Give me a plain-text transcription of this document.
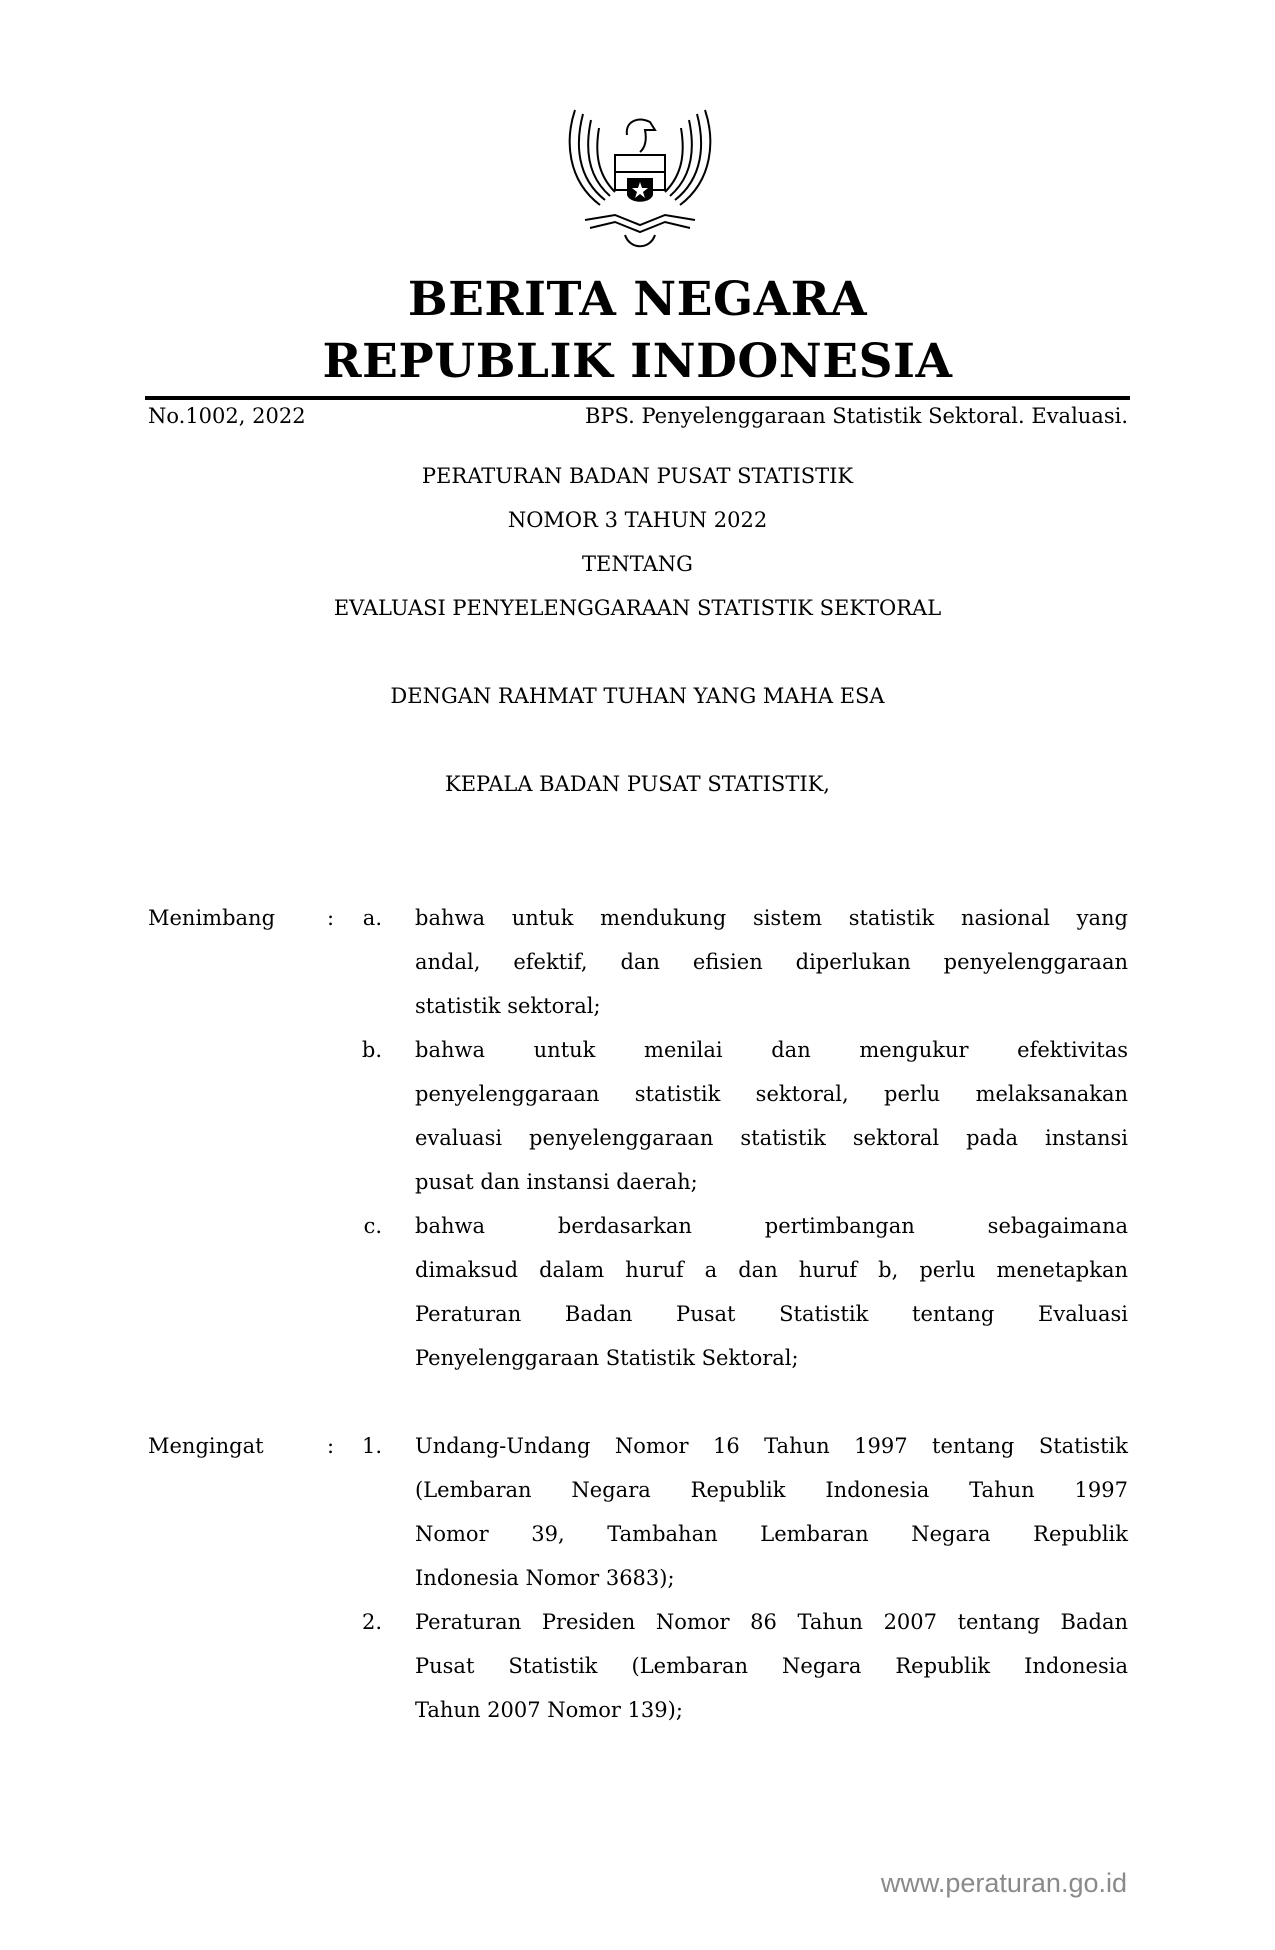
BERITA NEGARA
REPUBLIK INDONESIA
No.1002, 2022	BPS. Penyelenggaraan Statistik Sektoral. Evaluasi.
PERATURAN BADAN PUSAT STATISTIK
NOMOR 3 TAHUN 2022
TENTANG
EVALUASI PENYELENGGARAAN STATISTIK SEKTORAL
DENGAN RAHMAT TUHAN YANG MAHA ESA
KEPALA BADAN PUSAT STATISTIK,
Menimbang :	a. bahwa untuk mendukung sistem statistik nasional yang
andal, efektif, dan efisien diperlukan penyelenggaraan
statistik sektoral;
b. bahwa untuk menilai dan mengukur efektivitas
penyelenggaraan statistik sektoral, perlu melaksanakan
evaluasi penyelenggaraan statistik sektoral pada instansi
pusat dan instansi daerah;
c. bahwa berdasarkan pertimbangan sebagaimana
dimaksud dalam huruf a dan huruf b, perlu menetapkan
Peraturan Badan Pusat Statistik tentang Evaluasi
Penyelenggaraan Statistik Sektoral;
Mengingat	:	1. Undang-Undang Nomor 16 Tahun 1997 tentang Statistik
(Lembaran Negara Republik Indonesia Tahun 1997
Nomor 39, Tambahan Lembaran Negara Republik
Indonesia Nomor 3683);
2. Peraturan Presiden Nomor 86 Tahun 2007 tentang Badan
Pusat Statistik (Lembaran Negara Republik Indonesia
Tahun 2007 Nomor 139);
www.peraturan.go.id
